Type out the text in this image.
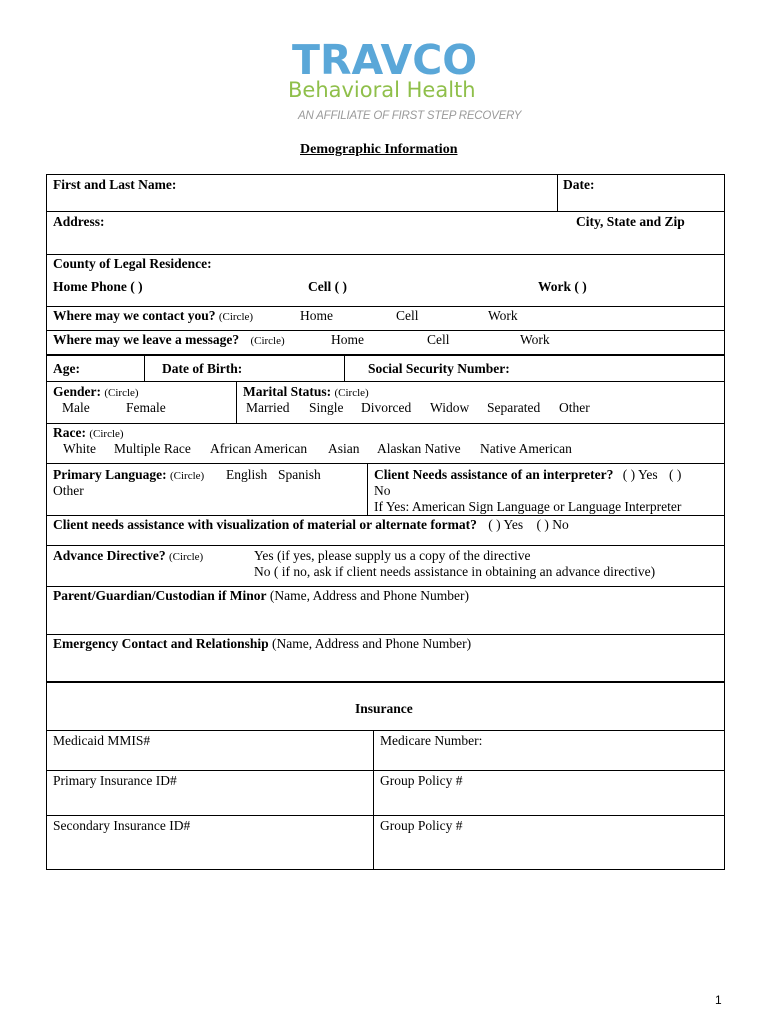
TRAVCO
Behavioral Health
AN AFFILIATE OF FIRST STEP RECOVERY
Demographic Information
First and Last Name:	Date:
Address:	City, State and Zip
County of Legal Residence:
Home Phone ( )	Cell ( )	Work ( )
Where may we contact you? (Circle)	Home	Cell	Work
Where may we leave a message? (Circle)	Home	Cell	Work
Age:	Date of Birth:	Social Security Number:
Gender: (Circle)
Male	Female
Marital Status: (Circle)
Married Single Divorced Widow Separated Other
Race: (Circle)
White Multiple Race African American Asian Alaskan Native Native American
Primary Language: (Circle) English Spanish
Other
Client Needs assistance of an interpreter? ( ) Yes ( )
No
If Yes: American Sign Language or Language Interpreter
Client needs assistance with visualization of material or alternate format? ( ) Yes ( ) No
Advance Directive? (Circle)	Yes (if yes, please supply us a copy of the directive
No ( if no, ask if client needs assistance in obtaining an advance directive)
Parent/Guardian/Custodian if Minor (Name, Address and Phone Number)
Emergency Contact and Relationship (Name, Address and Phone Number)
Insurance
Medicaid MMIS#	Medicare Number:
Primary Insurance ID#	Group Policy #
Secondary Insurance ID#	Group Policy #
1
